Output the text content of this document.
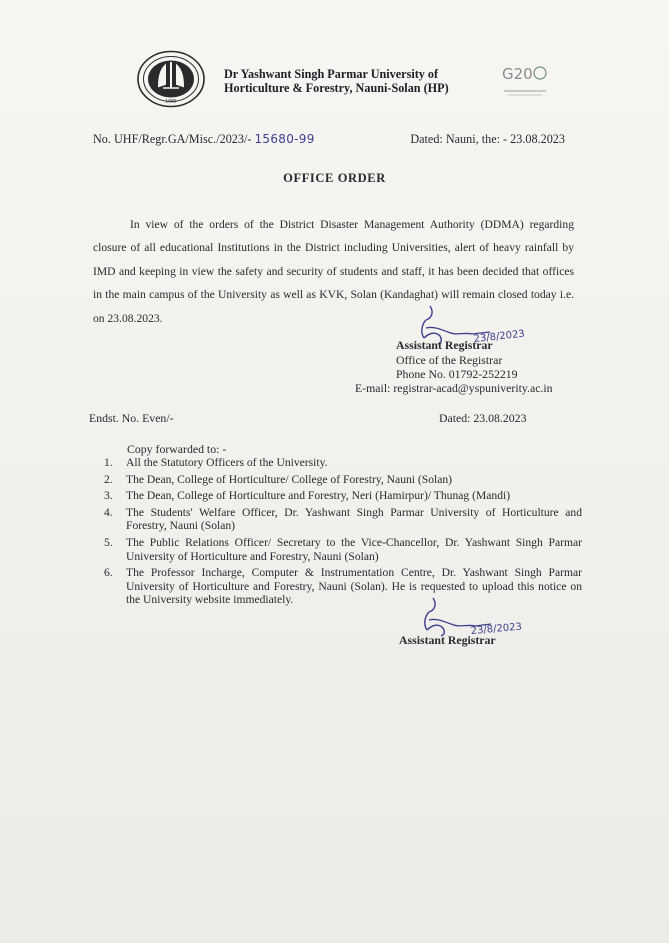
1985
Dr Yashwant Singh Parmar University of
Horticulture & Forestry, Nauni-Solan (HP)
G20
No. UHF/Regr.GA/Misc./2023/- 15680-99	Dated: Nauni, the: - 23.08.2023
OFFICE ORDER
In view of the orders of the District Disaster Management Authority (DDMA) regarding closure of all educational Institutions in the District including Universities, alert of heavy rainfall by IMD and keeping in view the safety and security of students and staff, it has been decided that offices in the main campus of the University as well as KVK, Solan (Kandaghat) will remain closed today i.e. on 23.08.2023.
23/8/2023
Assistant Registrar
Office of the Registrar
Phone No. 01792-252219
E-mail: registrar-acad@yspuniverity.ac.in
Endst. No. Even/-	Dated: 23.08.2023
Copy forwarded to: -
1. All the Statutory Officers of the University.
2. The Dean, College of Horticulture/ College of Forestry, Nauni (Solan)
3. The Dean, College of Horticulture and Forestry, Neri (Hamirpur)/ Thunag (Mandi)
4. The Students' Welfare Officer, Dr. Yashwant Singh Parmar University of Horticulture and Forestry, Nauni (Solan)
5. The Public Relations Officer/ Secretary to the Vice-Chancellor, Dr. Yashwant Singh Parmar University of Horticulture and Forestry, Nauni (Solan)
6. The Professor Incharge, Computer & Instrumentation Centre, Dr. Yashwant Singh Parmar University of Horticulture and Forestry, Nauni (Solan). He is requested to upload this notice on the University website immediately.
23/8/2023
Assistant Registrar
